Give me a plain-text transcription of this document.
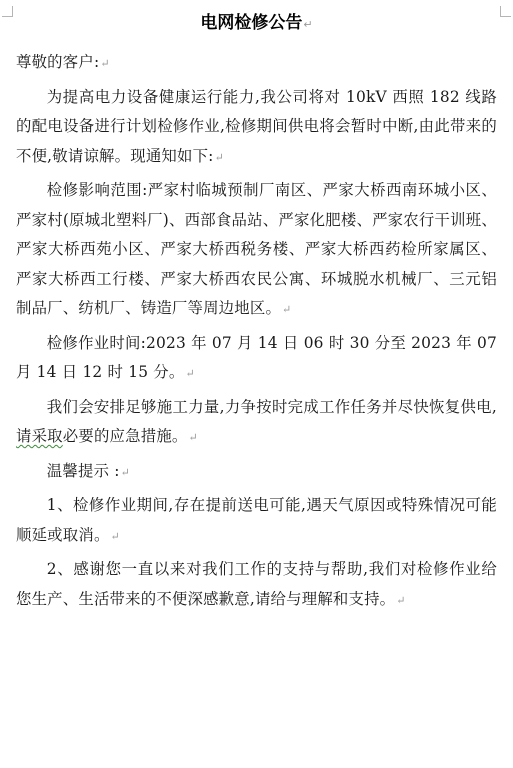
电网检修公告↵

尊敬的客户:↵

为提高电力设备健康运行能力,我公司将对 10kV 西照 182 线路的配电设备进行计划检修作业,检修期间供电将会暂时中断,由此带来的不便,敬请谅解。现通知如下:↵

检修影响范围:严家村临城预制厂南区、严家大桥西南环城小区、严家村(原城北塑料厂)、西部食品站、严家化肥楼、严家农行干训班、严家大桥西苑小区、严家大桥西税务楼、严家大桥西药检所家属区、严家大桥西工行楼、严家大桥西农民公寓、环城脱水机械厂、三元铝制品厂、纺机厂、铸造厂等周边地区。↵

检修作业时间:2023 年 07 月 14 日 06 时 30 分至 2023 年 07 月 14 日 12 时 15 分。↵

我们会安排足够施工力量,力争按时完成工作任务并尽快恢复供电,请采取必要的应急措施。↵

温馨提示 :↵

1、检修作业期间,存在提前送电可能,遇天气原因或特殊情况可能顺延或取消。↵

2、感谢您一直以来对我们工作的支持与帮助,我们对检修作业给您生产、生活带来的不便深感歉意,请给与理解和支持。↵
